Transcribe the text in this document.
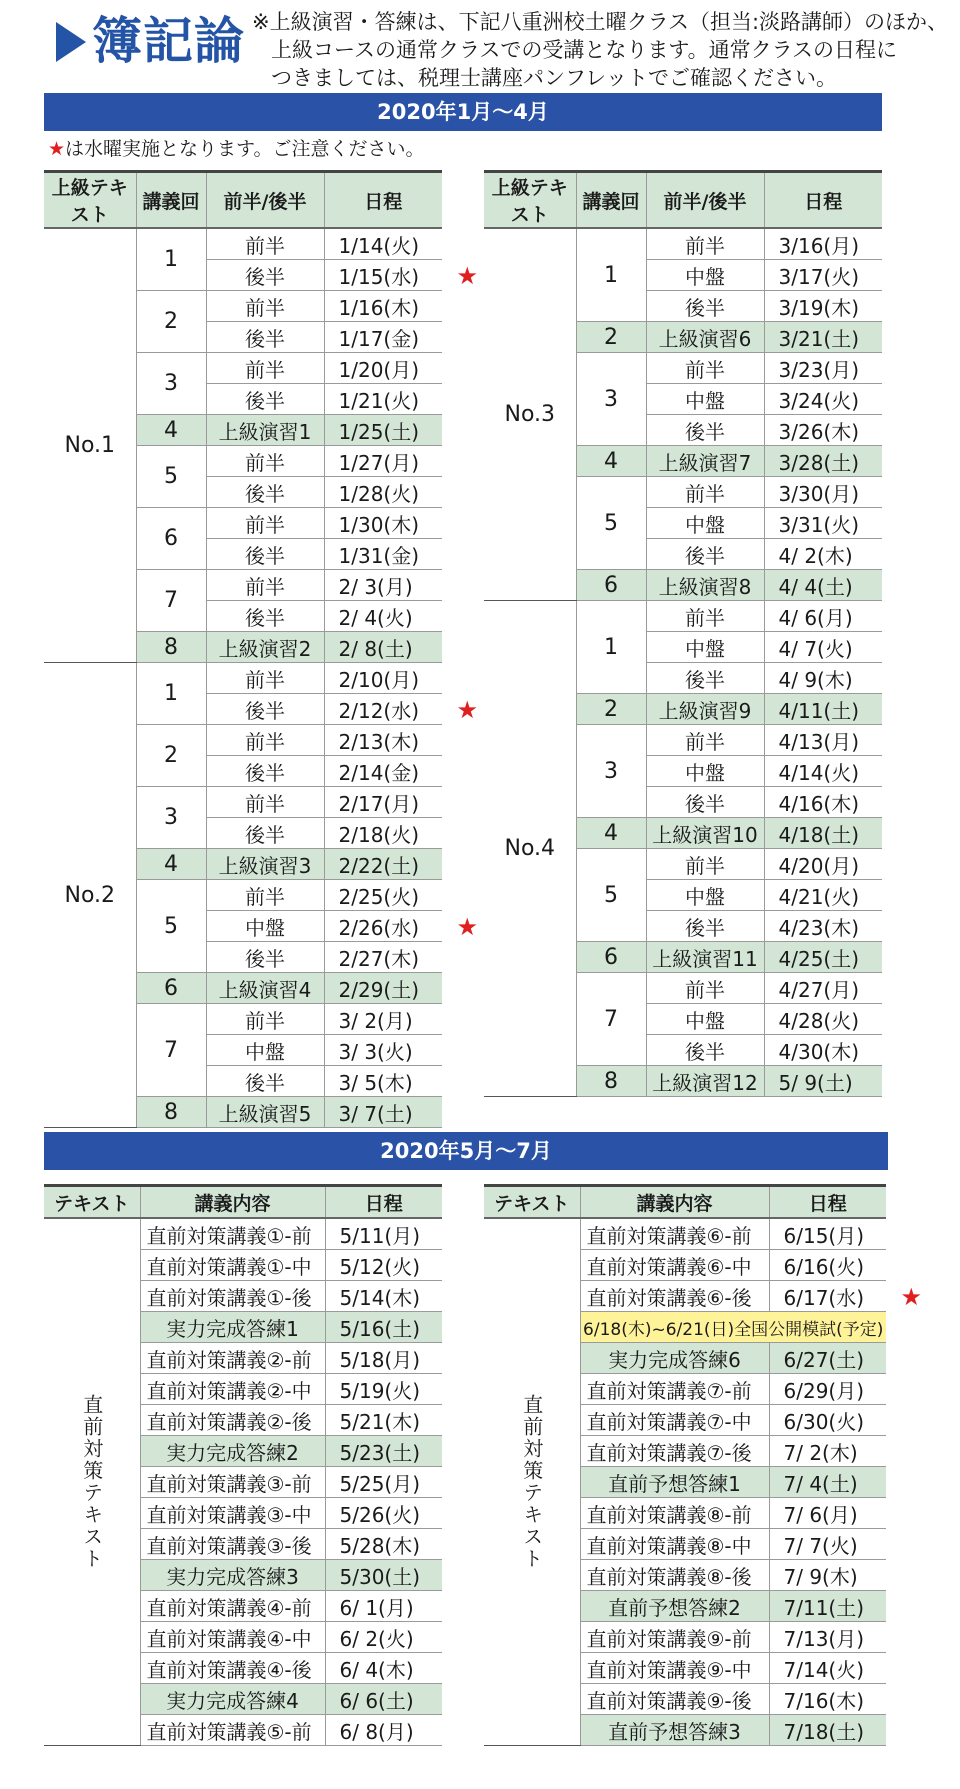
簿記論 ※上級演習・答練は、下記八重洲校土曜クラス（担当:淡路講師）のほか、
上級コースの通常クラスでの受講となります。通常クラスの日程に
つきましては、税理士講座パンフレットでご確認ください。
2020年1月～4月
★は水曜実施となります。ご注意ください。
上級テキスト	講義回	前半/後半	日程
No.1	1	前半	1/14(火)
		後半	1/15(水) ★

	2	前半	1/16(木)
		後半	1/17(金)
	3	前半	1/20(月)
		後半	1/21(火)
	4	上級演習1	1/25(土)
	5	前半	1/27(月)
		後半	1/28(火)
	6	前半	1/30(木)
		後半	1/31(金)
	7	前半	2/ 3(月)
		後半	2/ 4(火)
	8	上級演習2	2/ 8(土)
No.2	1	前半	2/10(月)
		後半	2/12(水) ★

	2	前半	2/13(木)
		後半	2/14(金)
	3	前半	2/17(月)
		後半	2/18(火)
	4	上級演習3	2/22(土)
	5	前半	2/25(火)
		中盤	2/26(水) ★

		後半	2/27(木)
	6	上級演習4	2/29(土)
	7	前半	3/ 2(月)
		中盤	3/ 3(火)
		後半	3/ 5(木)
	8	上級演習5	3/ 7(土)
上級テキスト	講義回	前半/後半	日程
No.3	1	前半	3/16(月)
		中盤	3/17(火)
		後半	3/19(木)
	2	上級演習6	3/21(土)
	3	前半	3/23(月)
		中盤	3/24(火)
		後半	3/26(木)
	4	上級演習7	3/28(土)
	5	前半	3/30(月)
		中盤	3/31(火)
		後半	4/ 2(木)
	6	上級演習8	4/ 4(土)
No.4	1	前半	4/ 6(月)
		中盤	4/ 7(火)
		後半	4/ 9(木)
	2	上級演習9	4/11(土)
	3	前半	4/13(月)
		中盤	4/14(火)
		後半	4/16(木)
	4	上級演習10	4/18(土)
	5	前半	4/20(月)
		中盤	4/21(火)
		後半	4/23(木)
	6	上級演習11	4/25(土)
	7	前半	4/27(月)
		中盤	4/28(火)
		後半	4/30(木)
	8	上級演習12	5/ 9(土)
2020年5月～7月
テキスト	講義内容	日程

直前対策テキスト	直前対策講義①-前	5/11(月)
	直前対策講義①-中	5/12(火)
	直前対策講義①-後	5/14(木)
	実力完成答練1	5/16(土)
	直前対策講義②-前	5/18(月)
	直前対策講義②-中	5/19(火)
	直前対策講義②-後	5/21(木)
	実力完成答練2	5/23(土)
	直前対策講義③-前	5/25(月)
	直前対策講義③-中	5/26(火)
	直前対策講義③-後	5/28(木)
	実力完成答練3	5/30(土)
	直前対策講義④-前	6/ 1(月)
	直前対策講義④-中	6/ 2(火)
	直前対策講義④-後	6/ 4(木)
	実力完成答練4	6/ 6(土)
	直前対策講義⑤-前	6/ 8(月)
テキスト	講義内容	日程

直前対策テキスト	直前対策講義⑥-前	6/15(月)
	直前対策講義⑥-中	6/16(火)
	直前対策講義⑥-後	6/17(水) ★

	6/18(木)~6/21(日)全国公開模試(予定)	
	実力完成答練6	6/27(土)
	直前対策講義⑦-前	6/29(月)
	直前対策講義⑦-中	6/30(火)
	直前対策講義⑦-後	7/ 2(木)
	直前予想答練1	7/ 4(土)
	直前対策講義⑧-前	7/ 6(月)
	直前対策講義⑧-中	7/ 7(火)
	直前対策講義⑧-後	7/ 9(木)
	直前予想答練2	7/11(土)
	直前対策講義⑨-前	7/13(月)
	直前対策講義⑨-中	7/14(火)
	直前対策講義⑨-後	7/16(木)
	直前予想答練3	7/18(土)
